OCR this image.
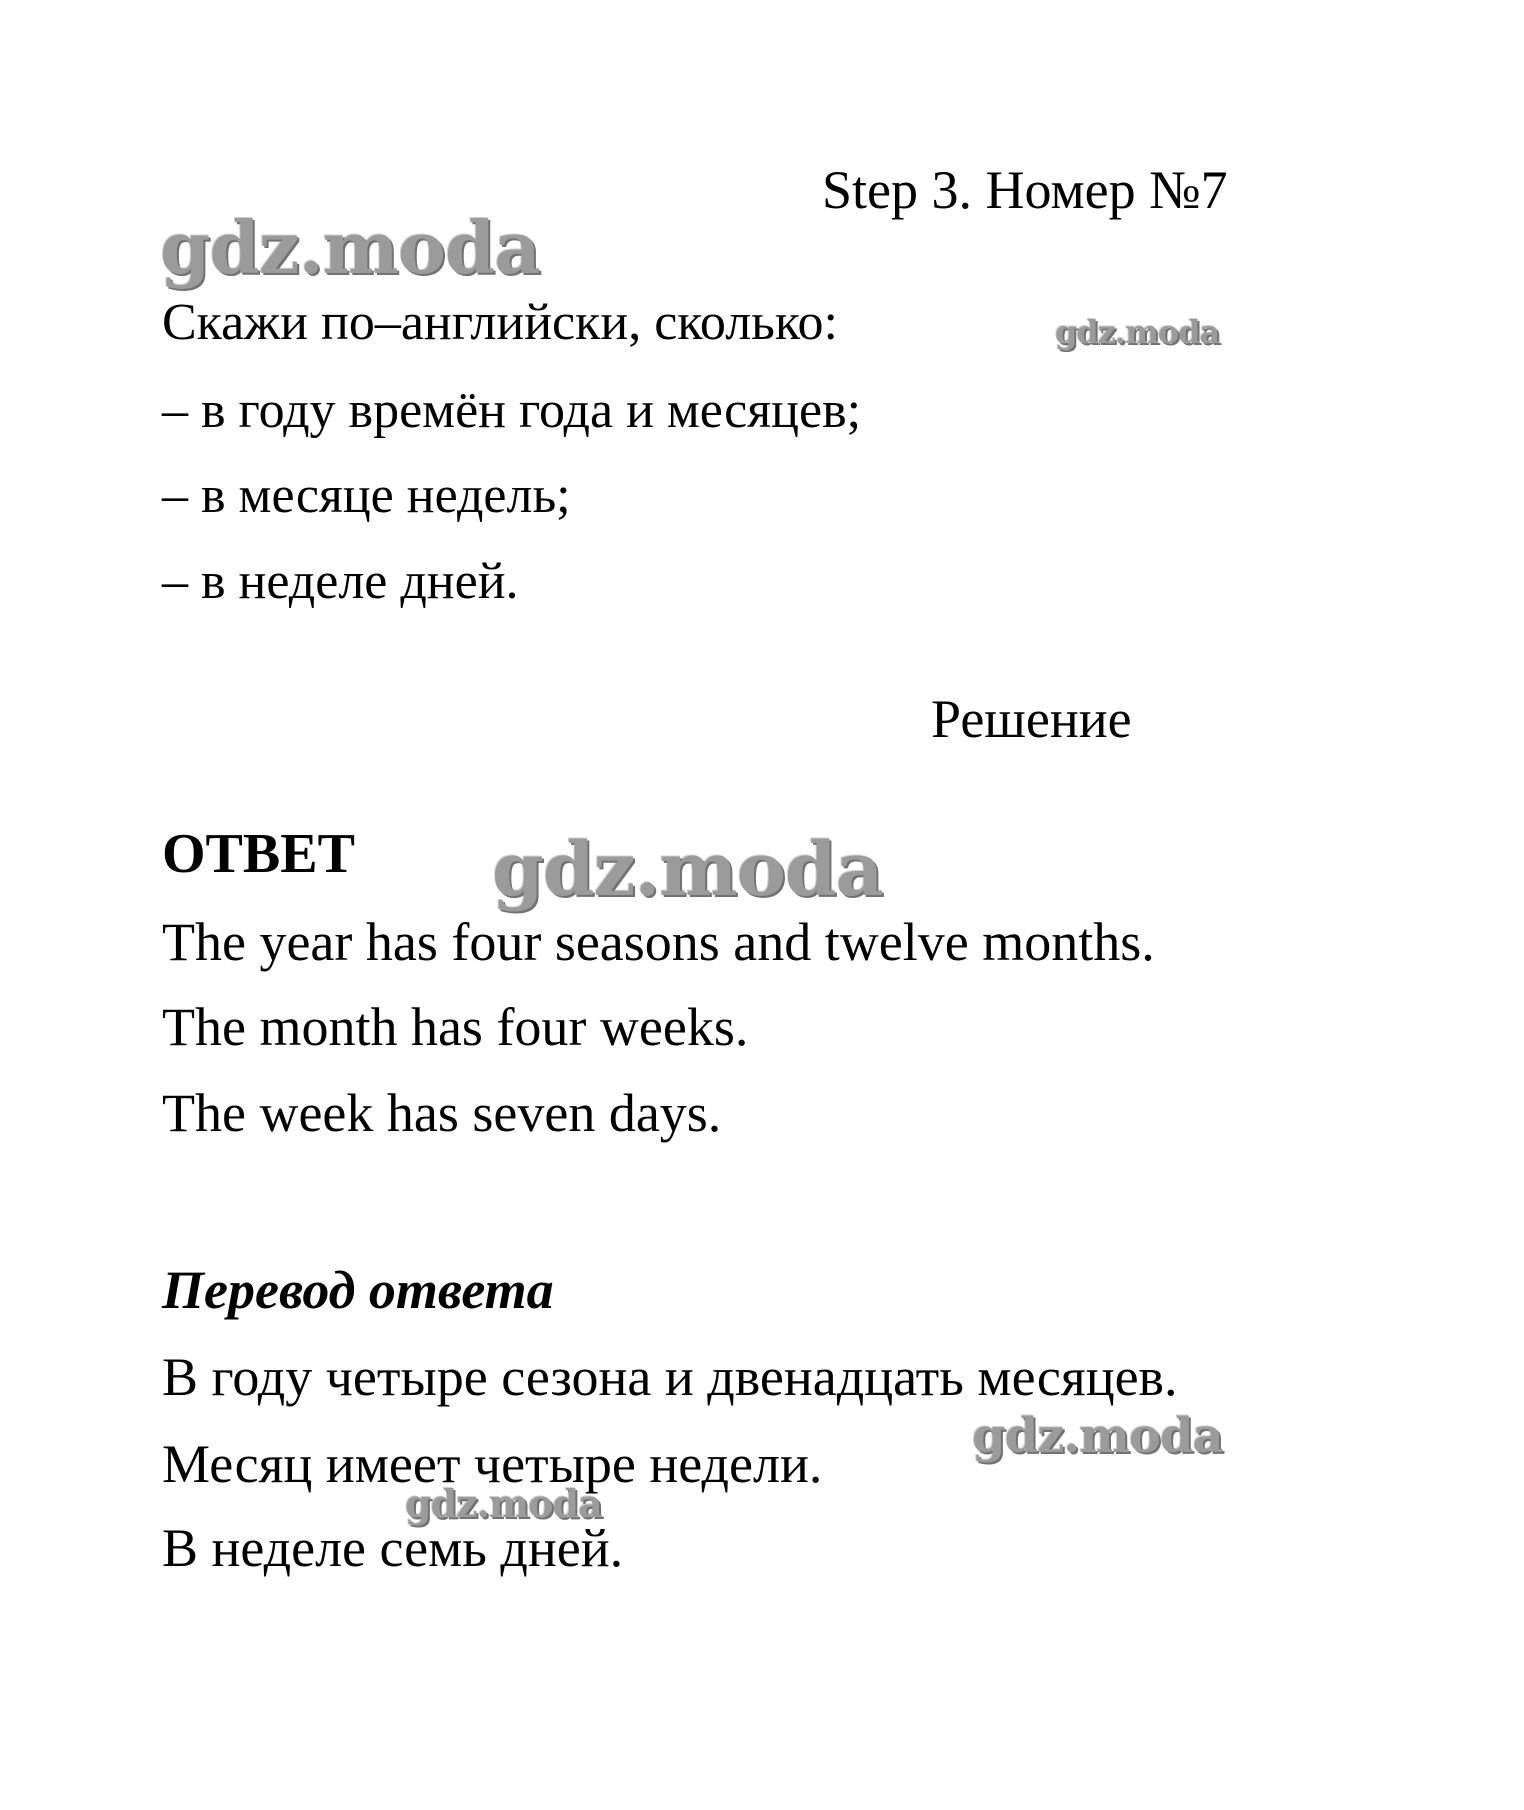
Step 3. Номер №7
Скажи по–английски, сколько:
– в году времён года и месяцев;
– в месяце недель;
– в неделе дней.
Решение
ОТВЕТ
The year has four seasons and twelve months.
The month has four weeks.
The week has seven days.
Перевод ответа
В году четыре сезона и двенадцать месяцев.
Месяц имеет четыре недели.
В неделе семь дней.
gdz.moda
gdz.moda
gdz.moda
gdz.moda
gdz.moda
